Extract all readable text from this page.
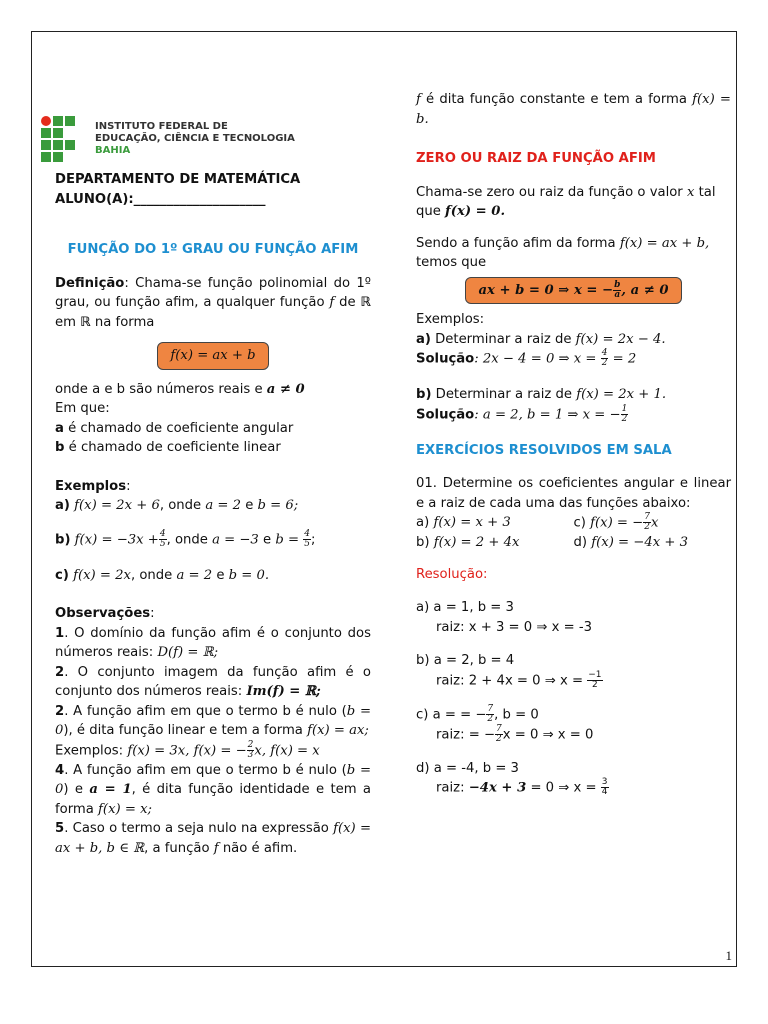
INSTITUTO FEDERAL DE
EDUCAÇÃO, CIÊNCIA E TECNOLOGIA
BAHIA
DEPARTAMENTO DE MATEMÁTICA
ALUNO(A):____________________
FUNÇÃO DO 1º GRAU OU FUNÇÃO AFIM
Definição: Chama-se função polinomial do 1º grau, ou função afim, a qualquer função f de ℝ em ℝ na forma
f(x) = ax + b
onde a e b são números reais e a ≠ 0
Em que:
a é chamado de coeficiente angular
b é chamado de coeficiente linear
Exemplos:
a) f(x) = 2x + 6, onde a = 2 e b = 6;
b) $f(x) = -3x + \frac{4}{5}$ , onde a = −3 e $b = \frac{4}{5}$ ;
c) f(x) = 2x, onde a = 2 e b = 0.
Observações:
1. O domínio da função afim é o conjunto dos números reais: D(f) = ℝ;
2. O conjunto imagem da função afim é o conjunto dos números reais: Im(f) = ℝ;
2. A função afim em que o termo b é nulo (b = 0), é dita função linear e tem a forma f(x) = ax;
Exemplos: f(x) = 3x, f(x) = − $\frac{2}{3} x$, f(x) = x
4. A função afim em que o termo b é nulo (b = 0) e a = 1, é dita função identidade e tem a forma f(x) = x;
5. Caso o termo a seja nulo na expressão f(x) = ax + b, b ∈ ℝ, a função f não é afim.
f é dita função constante e tem a forma f(x) = b.
ZERO OU RAIZ DA FUNÇÃO AFIM
Chama-se zero ou raiz da função o valor x tal que f(x) = 0.
Sendo a função afim da forma f(x) = ax + b,
temos que
ax + b = 0 ⇒ x = − $\frac{b}{a}$ , a ≠ 0
Exemplos:
a) Determinar a raiz de f(x) = 2x − 4.
Solução: 2x − 4 = 0 ⇒ $x = \frac{4}{2} = 2$
b) Determinar a raiz de f(x) = 2x + 1.
Solução: a = 2, b = 1 ⇒ x = − $\frac{1}{2}$
EXERCÍCIOS RESOLVIDOS EM SALA
01. Determine os coeficientes angular e linear e a raiz de cada uma das funções abaixo:
a) f(x) = x + 3	c) f(x) = − $\frac{7}{2}$ x
b) f(x) = 2 + 4x	d) f(x) = −4x + 3
Resolução:
a) a = 1, b = 3
raiz: x + 3 = 0 ⇒ x = -3
b) a = 2, b = 4
raiz: 2 + 4x = 0 ⇒ $x = \frac{-1}{2}$
c) a = = − $\frac{7}{2}$ , b = 0
raiz: = − $\frac{7}{2}$ x = 0 ⇒ x = 0
d) a = -4, b = 3
raiz: −4x + 3 = 0 ⇒ $x = \frac{3}{4}$
1
